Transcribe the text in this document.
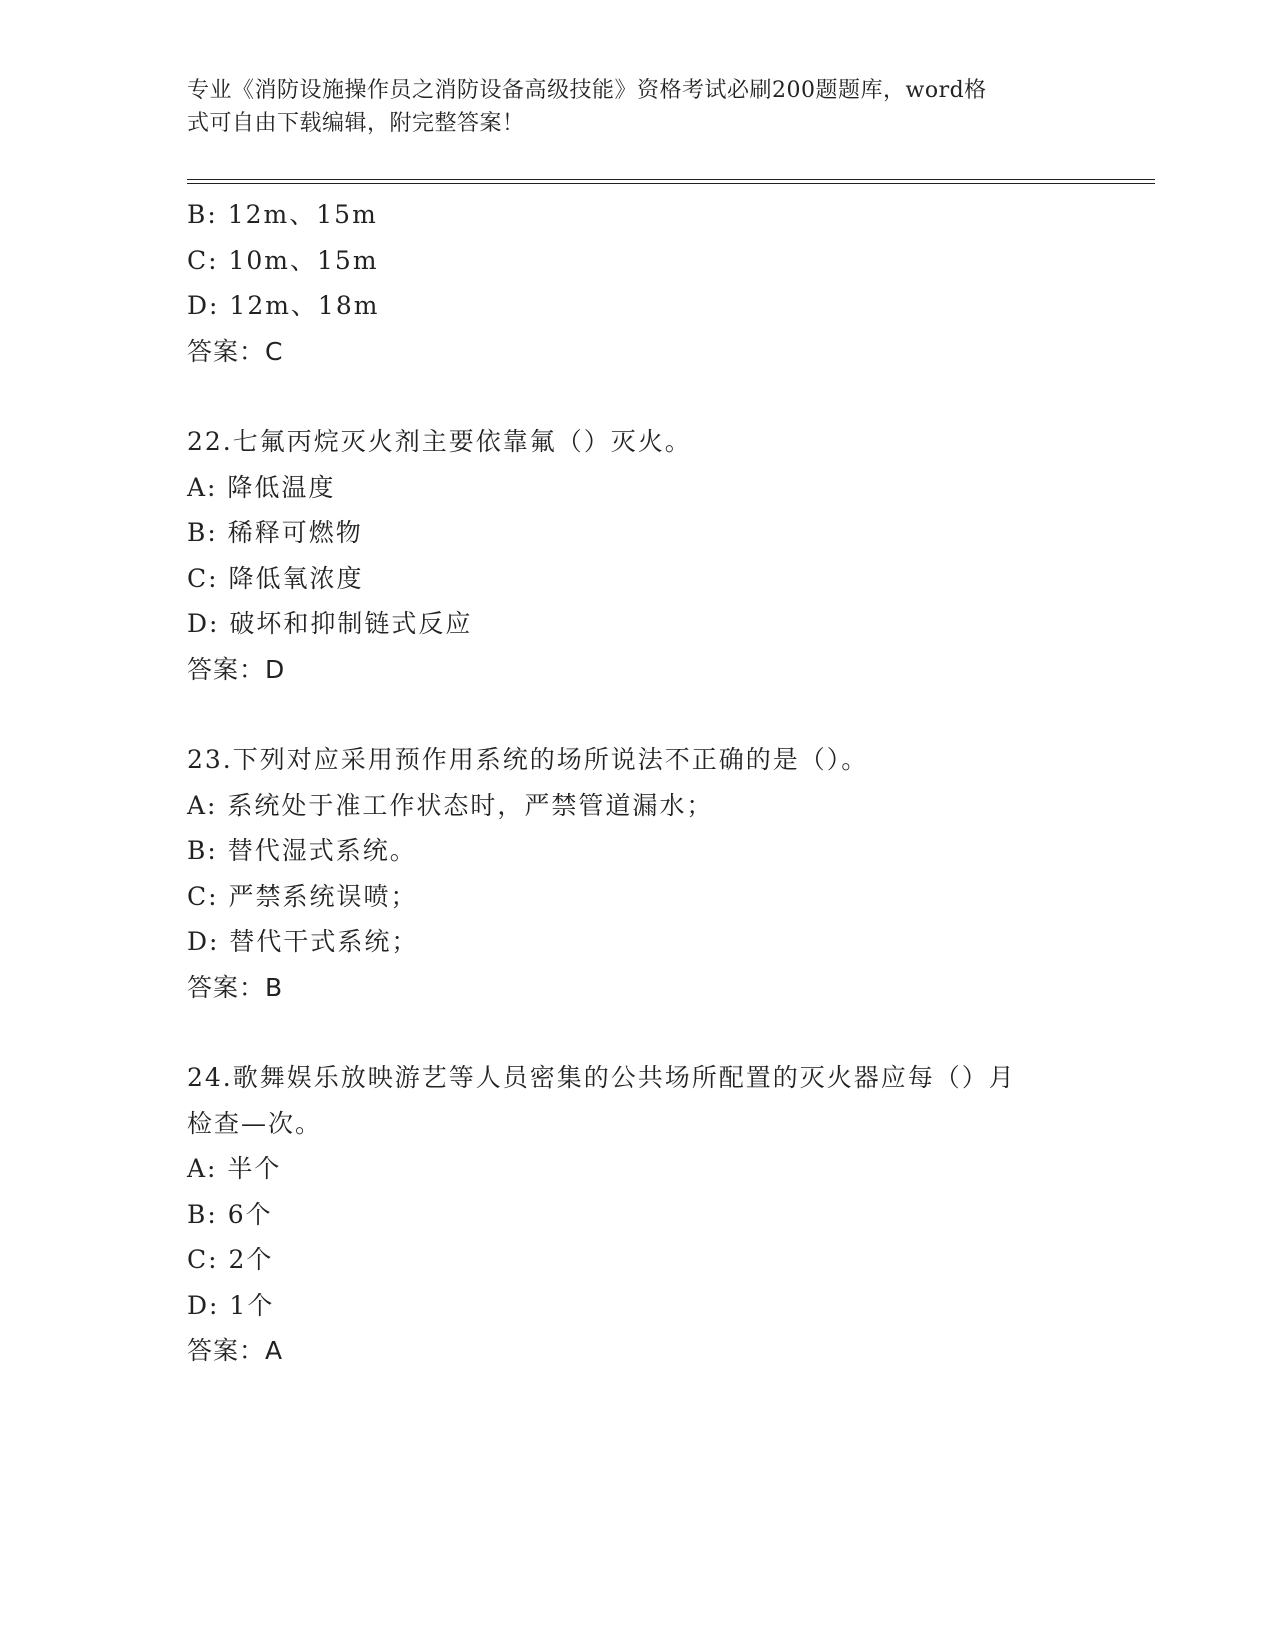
专业《消防设施操作员之消防设备高级技能》资格考试必刷200题题库，word格
式可自由下载编辑，附完整答案！
B: 12m、15m
C: 10m、15m
D: 12m、18m
答案：C
22.七氟丙烷灭火剂主要依靠氟（）灭火。
A: 降低温度
B: 稀释可燃物
C: 降低氧浓度
D: 破坏和抑制链式反应
答案：D
23.下列对应采用预作用系统的场所说法不正确的是（）。
A: 系统处于准工作状态时，严禁管道漏水；
B: 替代湿式系统。
C: 严禁系统误喷；
D: 替代干式系统；
答案：B
24.歌舞娱乐放映游艺等人员密集的公共场所配置的灭火器应每（）月
检查—次。
A: 半个
B: 6个
C: 2个
D: 1个
答案：A
